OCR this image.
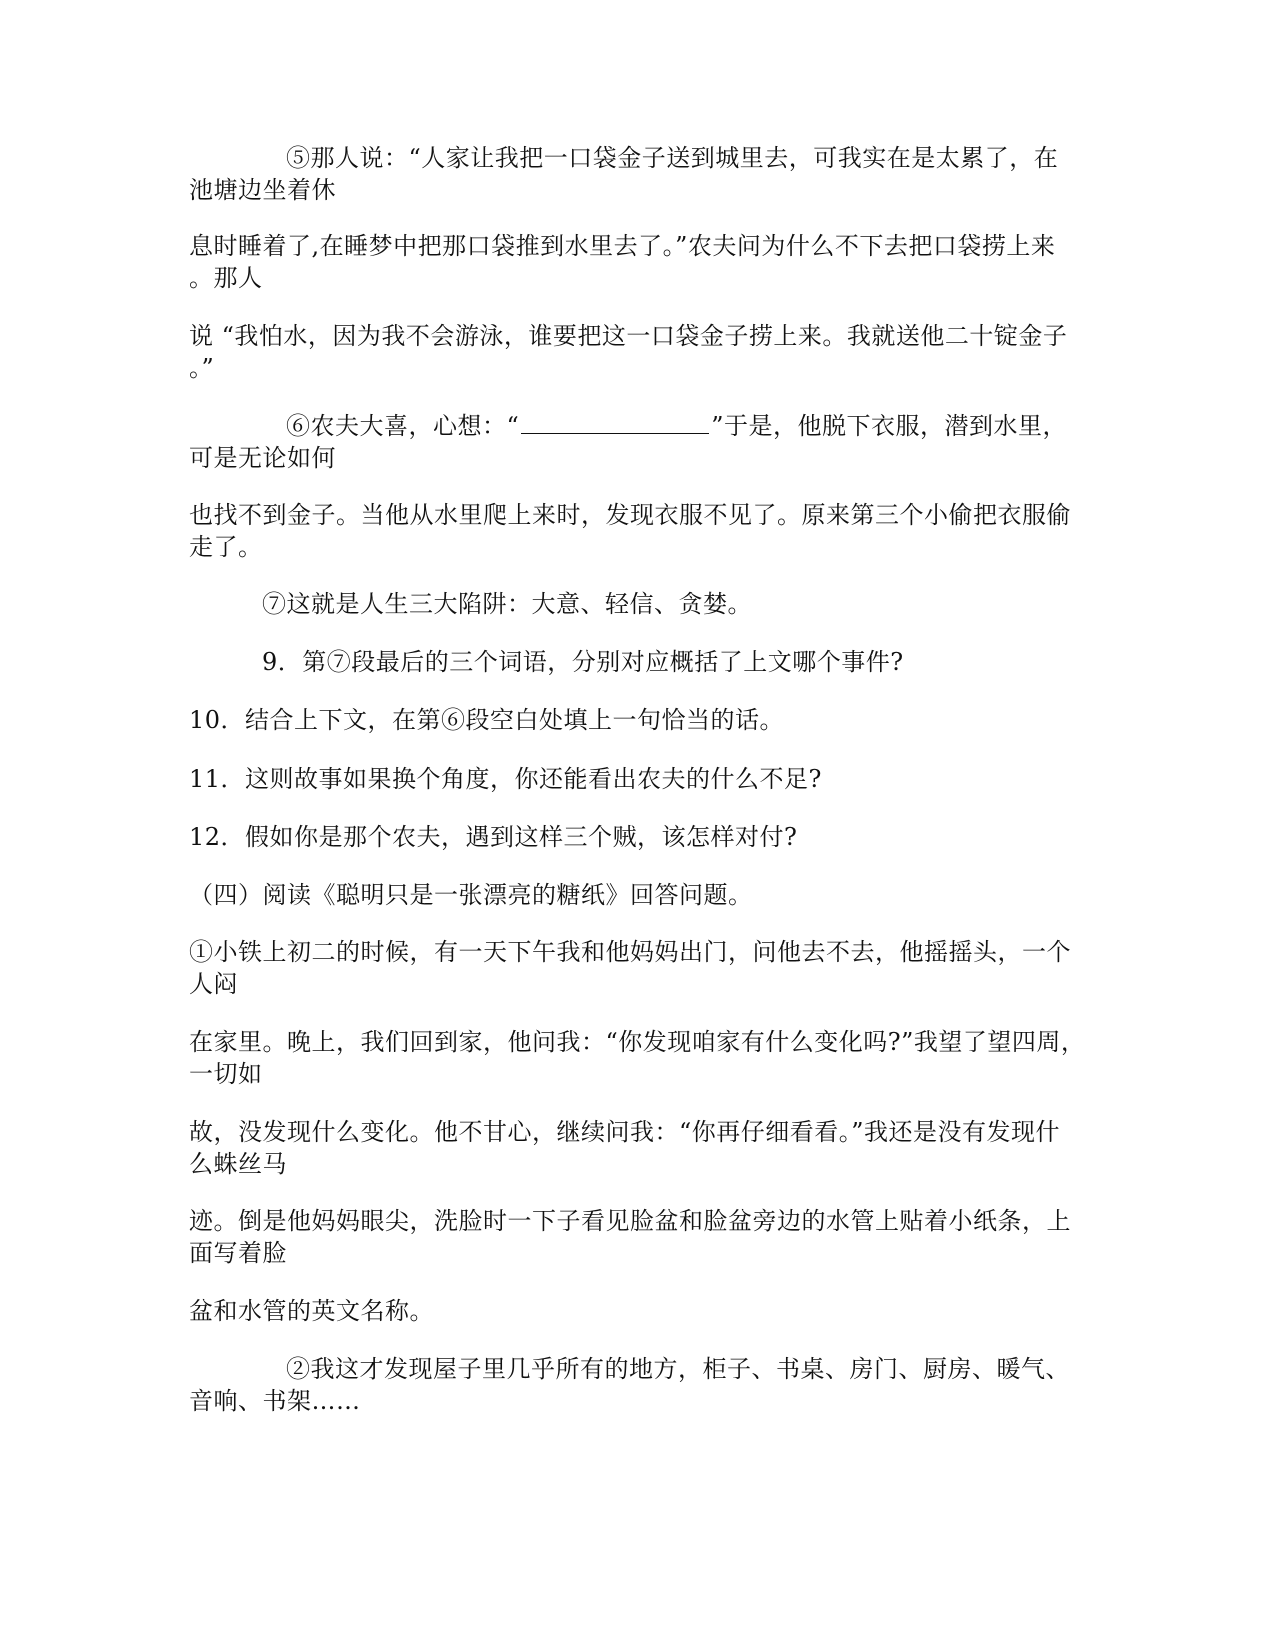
⑤那人说：“人家让我把一口袋金子送到城里去，可我实在是太累了，在
池塘边坐着休
息时睡着了,在睡梦中把那口袋推到水里去了。”农夫问为什么不下去把口袋捞上来
。那人
说 “我怕水，因为我不会游泳，谁要把这一口袋金子捞上来。我就送他二十锭金子
。”
⑥农夫大喜，心想：“	”于是，他脱下衣服，潜到水里，
可是无论如何
也找不到金子。当他从水里爬上来时，发现衣服不见了。原来第三个小偷把衣服偷
走了。
⑦这就是人生三大陷阱：大意、轻信、贪婪。
9．第⑦段最后的三个词语，分别对应概括了上文哪个事件?
10．结合上下文，在第⑥段空白处填上一句恰当的话。
11．这则故事如果换个角度，你还能看出农夫的什么不足?
12．假如你是那个农夫，遇到这样三个贼，该怎样对付?
（四）阅读《聪明只是一张漂亮的糖纸》回答问题。
①小铁上初二的时候，有一天下午我和他妈妈出门，问他去不去，他摇摇头，一个
人闷
在家里。晚上，我们回到家，他问我：“你发现咱家有什么变化吗?”我望了望四周，
一切如
故，没发现什么变化。他不甘心，继续问我：“你再仔细看看。”我还是没有发现什
么蛛丝马
迹。倒是他妈妈眼尖，洗脸时一下子看见脸盆和脸盆旁边的水管上贴着小纸条，上
面写着脸
盆和水管的英文名称。
②我这才发现屋子里几乎所有的地方，柜子、书桌、房门、厨房、暖气、
音响、书架……
